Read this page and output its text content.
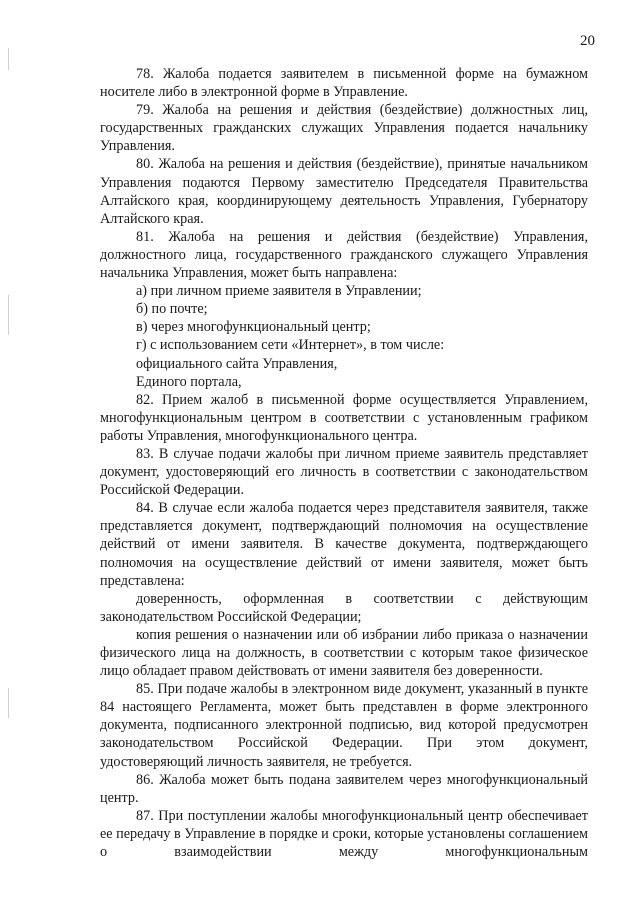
20

78. Жалоба подается заявителем в письменной форме на бумажном носителе либо в электронной форме в Управление.

79. Жалоба на решения и действия (бездействие) должностных лиц, государственных гражданских служащих Управления подается начальнику Управления.

80. Жалоба на решения и действия (бездействие), принятые начальником Управления подаются Первому заместителю Председателя Правительства Алтайского края, координирующему деятельность Управления, Губернатору Алтайского края.

81. Жалоба на решения и действия (бездействие) Управления, должностного лица, государственного гражданского служащего Управления начальника Управления, может быть направлена:

а) при личном приеме заявителя в Управлении;

б) по почте;

в) через многофункциональный центр;

г) с использованием сети «Интернет», в том числе:

официального сайта Управления,

Единого портала,

82. Прием жалоб в письменной форме осуществляется Управлением, многофункциональным центром в соответствии с установленным графиком работы Управления, многофункционального центра.

83. В случае подачи жалобы при личном приеме заявитель представляет документ, удостоверяющий его личность в соответствии с законодательством Российской Федерации.

84. В случае если жалоба подается через представителя заявителя, также представляется документ, подтверждающий полномочия на осуществление действий от имени заявителя. В качестве документа, подтверждающего полномочия на осуществление действий от имени заявителя, может быть представлена:

доверенность, оформленная в соответствии с действующим законодательством Российской Федерации;

копия решения о назначении или об избрании либо приказа о назначении физического лица на должность, в соответствии с которым такое физическое лицо обладает правом действовать от имени заявителя без доверенности.

85. При подаче жалобы в электронном виде документ, указанный в пункте 84 настоящего Регламента, может быть представлен в форме электронного документа, подписанного электронной подписью, вид которой предусмотрен законодательством Российской Федерации. При этом документ, удостоверяющий личность заявителя, не требуется.

86. Жалоба может быть подана заявителем через многофункциональный центр.

87. При поступлении жалобы многофункциональный центр обеспечивает ее передачу в Управление в порядке и сроки, которые установлены соглашением о взаимодействии между многофункциональным
